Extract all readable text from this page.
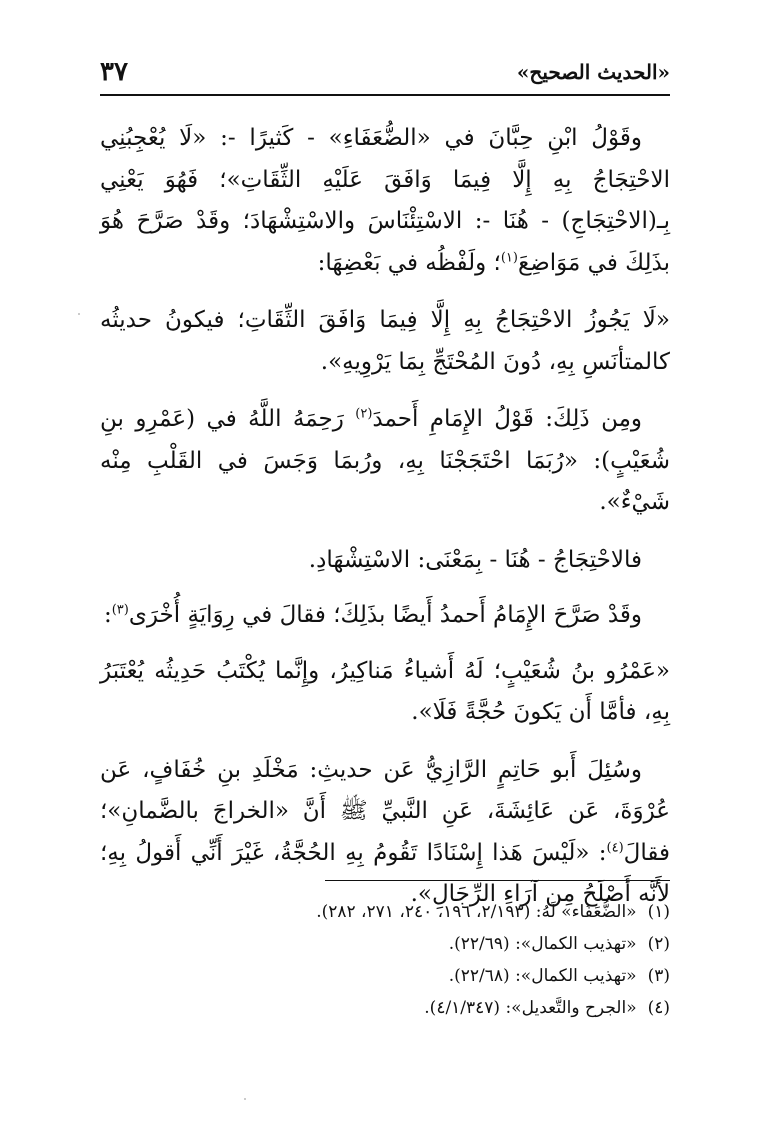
«الحديث الصحيح»
٣٧

وقَوْلُ ابْنِ حِبَّانَ في «الضُّعَفَاءِ» - كَثيرًا -: «لَا يُعْجِبُنِي الاحْتِجَاجُ بِهِ إِلَّا فِيمَا وَافَقَ عَلَيْهِ الثِّقَاتِ»؛ فَهُوَ يَعْنِي بِـ(الاحْتِجَاجِ) - هُنَا -: الاسْتِئْنَاسَ والاسْتِشْهَادَ؛ وقَدْ صَرَّحَ هُوَ بذَلِكَ في مَوَاضِعَ$^{(١)}$؛ ولَفْظُه في بَعْضِهَا:

«لَا يَجُوزُ الاحْتِجَاجُ بِهِ إِلَّا فِيمَا وَافَقَ الثِّقَاتِ؛ فيكونُ حديثُه كالمتأنَسِ بِهِ، دُونَ المُحْتَجِّ بِمَا يَرْوِيهِ».

ومِن ذَلِكَ: قَوْلُ الإِمَامِ أَحمدَ$^{(٢)}$ رَحِمَهُ اللَّهُ في (عَمْرِو بنِ شُعَيْبٍ): «رُبَمَا احْتَجَجْنَا بِهِ، ورُبمَا وَجَسَ في القَلْبِ مِنْه شَيْءٌ».

فالاحْتِجَاجُ - هُنَا - بِمَعْنَى: الاسْتِشْهَادِ.

وقَدْ صَرَّحَ الإِمَامُ أَحمدُ أَيضًا بذَلِكَ؛ فقالَ في رِوَايَةٍ أُخْرَى$^{(٣)}$:

«عَمْرُو بنُ شُعَيْبٍ؛ لَهُ أَشياءُ مَناكِيرُ، وإِنَّما يُكْتَبُ حَدِيثُه يُعْتَبَرُ بِهِ، فأمَّا أَن يَكونَ حُجَّةً فَلَا».

وسُئِلَ أَبو حَاتِمٍ الرَّازِيُّ عَن حديثِ: مَخْلَدِ بنِ خُفَافٍ، عَن عُرْوَةَ، عَن عَائِشَةَ، عَنِ النَّبيِّ ﷺ أَنَّ «الخراجَ بالضَّمانِ»؛ فقالَ$^{(٤)}$: «لَيْسَ هَذا إِسْنَادًا تَقُومُ بِهِ الحُجَّةُ، غَيْرَ أَنِّي أَقولُ بِهِ؛ لأَنَّه أَصْلَحُ مِن آرَاءِ الرِّجَالِ».

(١) «الضُّعَفَاء» لَهُ: (٢/١٩٣، ١٩٦، ٢٤٠، ٢٧١، ٢٨٢).

(٢) «تهذيب الكمال»: (٢٢/٦٩).

(٣) «تهذيب الكمال»: (٢٢/٦٨).

(٤) «الجرح والتَّعديل»: (٤/١/٣٤٧).
